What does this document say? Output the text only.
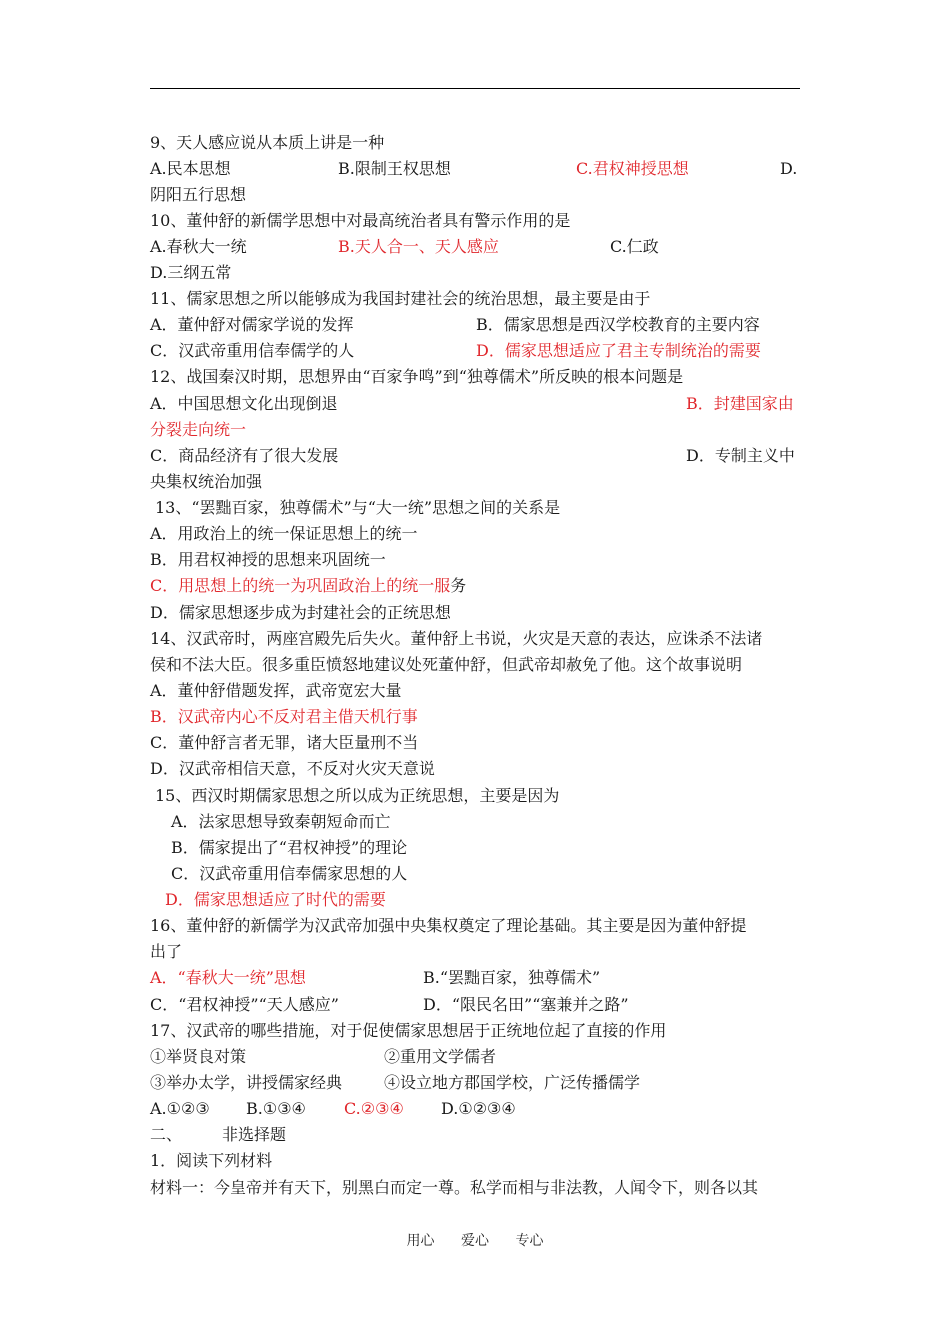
9、天人感应说从本质上讲是一种
A.民本思想	B.限制王权思想	C.君权神授思想	D.
阴阳五行思想
10、董仲舒的新儒学思想中对最高统治者具有警示作用的是
A.春秋大一统	B.天人合一、天人感应	C.仁政
D.三纲五常
11、儒家思想之所以能够成为我国封建社会的统治思想，最主要是由于
A．董仲舒对儒家学说的发挥	B．儒家思想是西汉学校教育的主要内容
C．汉武帝重用信奉儒学的人	D．儒家思想适应了君主专制统治的需要
12、战国秦汉时期，思想界由“百家争鸣”到“独尊儒术”所反映的根本问题是
A．中国思想文化出现倒退	B．封建国家由
分裂走向统一
C．商品经济有了很大发展	D．专制主义中
央集权统治加强
13、“罢黜百家，独尊儒术”与“大一统”思想之间的关系是
A．用政治上的统一保证思想上的统一
B．用君权神授的思想来巩固统一
C．用思想上的统一为巩固政治上的统一服务
D．儒家思想逐步成为封建社会的正统思想
14、汉武帝时，两座宫殿先后失火。董仲舒上书说，火灾是天意的表达，应诛杀不法诸
侯和不法大臣。很多重臣愤怒地建议处死董仲舒，但武帝却赦免了他。这个故事说明
A．董仲舒借题发挥，武帝宽宏大量
B．汉武帝内心不反对君主借天机行事
C．董仲舒言者无罪，诸大臣量刑不当
D．汉武帝相信天意，不反对火灾天意说
15、西汉时期儒家思想之所以成为正统思想，主要是因为
A．法家思想导致秦朝短命而亡
B．儒家提出了“君权神授”的理论
C．汉武帝重用信奉儒家思想的人
D．儒家思想适应了时代的需要
16、董仲舒的新儒学为汉武帝加强中央集权奠定了理论基础。其主要是因为董仲舒提
出了
A．“春秋大一统”思想	B.“罢黜百家，独尊儒术”
C．“君权神授”“天人感应”	D．“限民名田”“塞兼并之路”
17、汉武帝的哪些措施，对于促使儒家思想居于正统地位起了直接的作用
①举贤良对策	②重用文学儒者
③举办太学，讲授儒家经典	④设立地方郡国学校，广泛传播儒学
A.①②③ B.①③④ C.②③④ D.①②③④
二、 非选择题
1．阅读下列材料
材料一：今皇帝并有天下，别黑白而定一尊。私学而相与非法教，人闻令下，则各以其
用心 爱心 专心
